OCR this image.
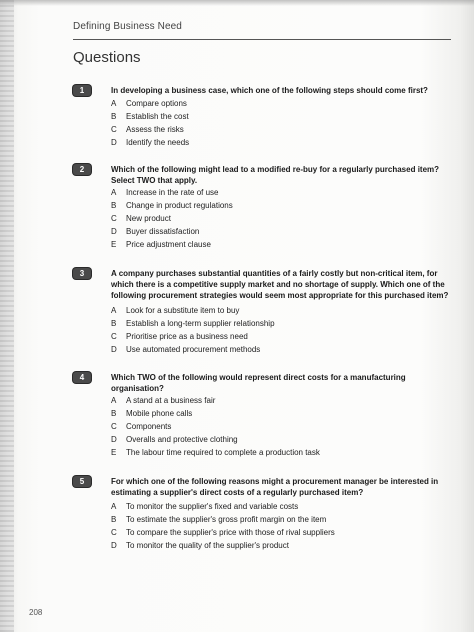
Defining Business Need
Questions
1	In developing a business case, which one of the following steps should come first?
A	Compare options
B	Establish the cost
C	Assess the risks
D	Identify the needs
2	Which of the following might lead to a modified re-buy for a regularly purchased item? Select TWO that apply.
A	Increase in the rate of use
B	Change in product regulations
C	New product
D	Buyer dissatisfaction
E	Price adjustment clause
3	A company purchases substantial quantities of a fairly costly but non-critical item, for which there is a competitive supply market and no shortage of supply. Which one of the following procurement strategies would seem most appropriate for this purchased item?
A	Look for a substitute item to buy
B	Establish a long-term supplier relationship
C	Prioritise price as a business need
D	Use automated procurement methods
4	Which TWO of the following would represent direct costs for a manufacturing organisation?
A	A stand at a business fair
B	Mobile phone calls
C	Components
D	Overalls and protective clothing
E	The labour time required to complete a production task
5	For which one of the following reasons might a procurement manager be interested in estimating a supplier's direct costs of a regularly purchased item?
A	To monitor the supplier's fixed and variable costs
B	To estimate the supplier's gross profit margin on the item
C	To compare the supplier's price with those of rival suppliers
D	To monitor the quality of the supplier's product
208
